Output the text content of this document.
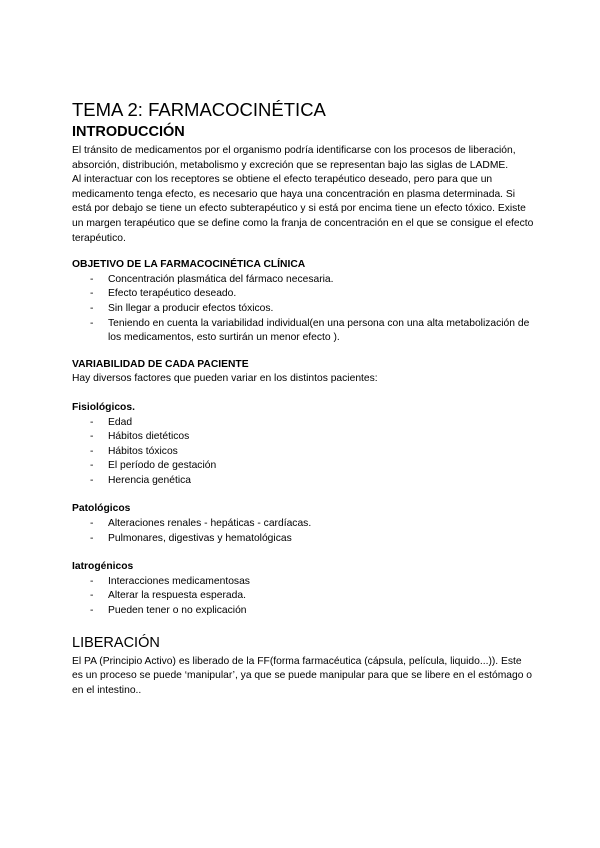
TEMA 2: FARMACOCINÉTICA
INTRODUCCIÓN

El tránsito de medicamentos por el organismo podría identificarse con los procesos de liberación, absorción, distribución, metabolismo y excreción que se representan bajo las siglas de LADME.

Al interactuar con los receptores se obtiene el efecto terapéutico deseado, pero para que un medicamento tenga efecto, es necesario que haya una concentración en plasma determinada. Si está por debajo se tiene un efecto subterapéutico y si está por encima tiene un efecto tóxico. Existe un margen terapéutico que se define como la franja de concentración en el que se consigue el efecto terapéutico.

OBJETIVO DE LA FARMACOCINÉTICA CLÍNICA
- Concentración plasmática del fármaco necesaria.
- Efecto terapéutico deseado.
- Sin llegar a producir efectos tóxicos.
- Teniendo en cuenta la variabilidad individual(en una persona con una alta metabolización de los medicamentos, esto surtirán un menor efecto ).
VARIABILIDAD DE CADA PACIENTE

Hay diversos factores que pueden variar en los distintos pacientes:

Fisiológicos.
- Edad
- Hábitos dietéticos
- Hábitos tóxicos
- El período de gestación
- Herencia genética
Patológicos
- Alteraciones renales - hepáticas - cardíacas.
- Pulmonares, digestivas y hematológicas
Iatrogénicos
- Interacciones medicamentosas
- Alterar la respuesta esperada.
- Pueden tener o no explicación
LIBERACIÓN

El PA (Principio Activo) es liberado de la FF(forma farmacéutica (cápsula, película, liquido...)). Este es un proceso se puede ‘manipular’, ya que se puede manipular para que se libere en el estómago o en el intestino..
